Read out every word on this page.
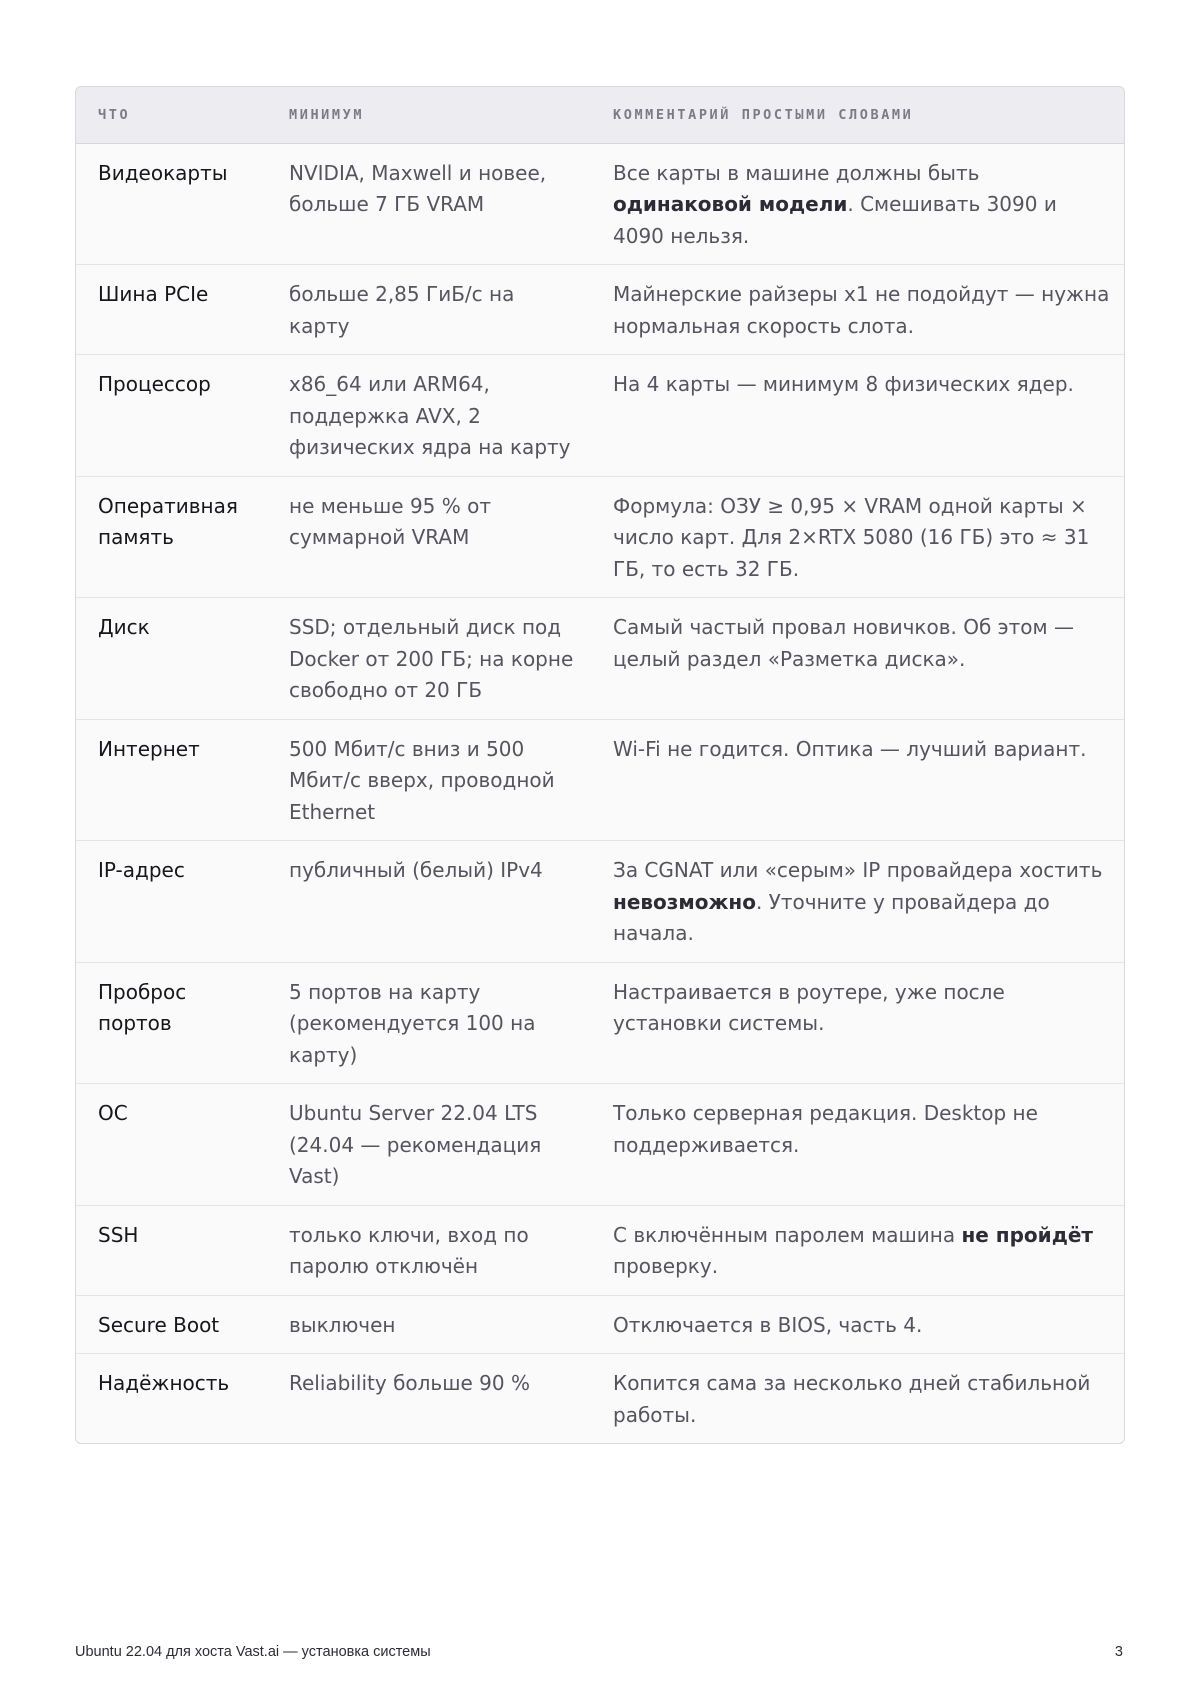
ЧТО	МИНИМУМ	КОММЕНТАРИЙ ПРОСТЫМИ СЛОВАМИ
Видеокарты	NVIDIA, Maxwell и новее, больше 7 ГБ VRAM	Все карты в машине должны быть одинаковой модели. Смешивать 3090 и 4090 нельзя.
Шина PCIe	больше 2,85 ГиБ/с на карту	Майнерские райзеры x1 не подойдут — нужна нормальная скорость слота.
Процессор	x86_64 или ARM64, поддержка AVX, 2 физических ядра на карту	На 4 карты — минимум 8 физических ядер.
Оперативная память	не меньше 95 % от суммарной VRAM	Формула: ОЗУ ≥ 0,95 × VRAM одной карты × число карт. Для 2×RTX 5080 (16 ГБ) это ≈ 31 ГБ, то есть 32 ГБ.
Диск	SSD; отдельный диск под Docker от 200 ГБ; на корне свободно от 20 ГБ	Самый частый провал новичков. Об этом — целый раздел «Разметка диска».
Интернет	500 Мбит/с вниз и 500 Мбит/с вверх, проводной Ethernet	Wi‑Fi не годится. Оптика — лучший вариант.
IP-адрес	публичный (белый) IPv4	За CGNAT или «серым» IP провайдера хостить невозможно. Уточните у провайдера до начала.
Проброс портов	5 портов на карту (рекомендуется 100 на карту)	Настраивается в роутере, уже после установки системы.
ОС	Ubuntu Server 22.04 LTS (24.04 — рекомендация Vast)	Только серверная редакция. Desktop не поддерживается.
SSH	только ключи, вход по паролю отключён	С включённым паролем машина не пройдёт проверку.
Secure Boot	выключен	Отключается в BIOS, часть 4.
Надёжность	Reliability больше 90 %	Копится сама за несколько дней стабильной работы.
Ubuntu 22.04 для хоста Vast.ai — установка системы	3
